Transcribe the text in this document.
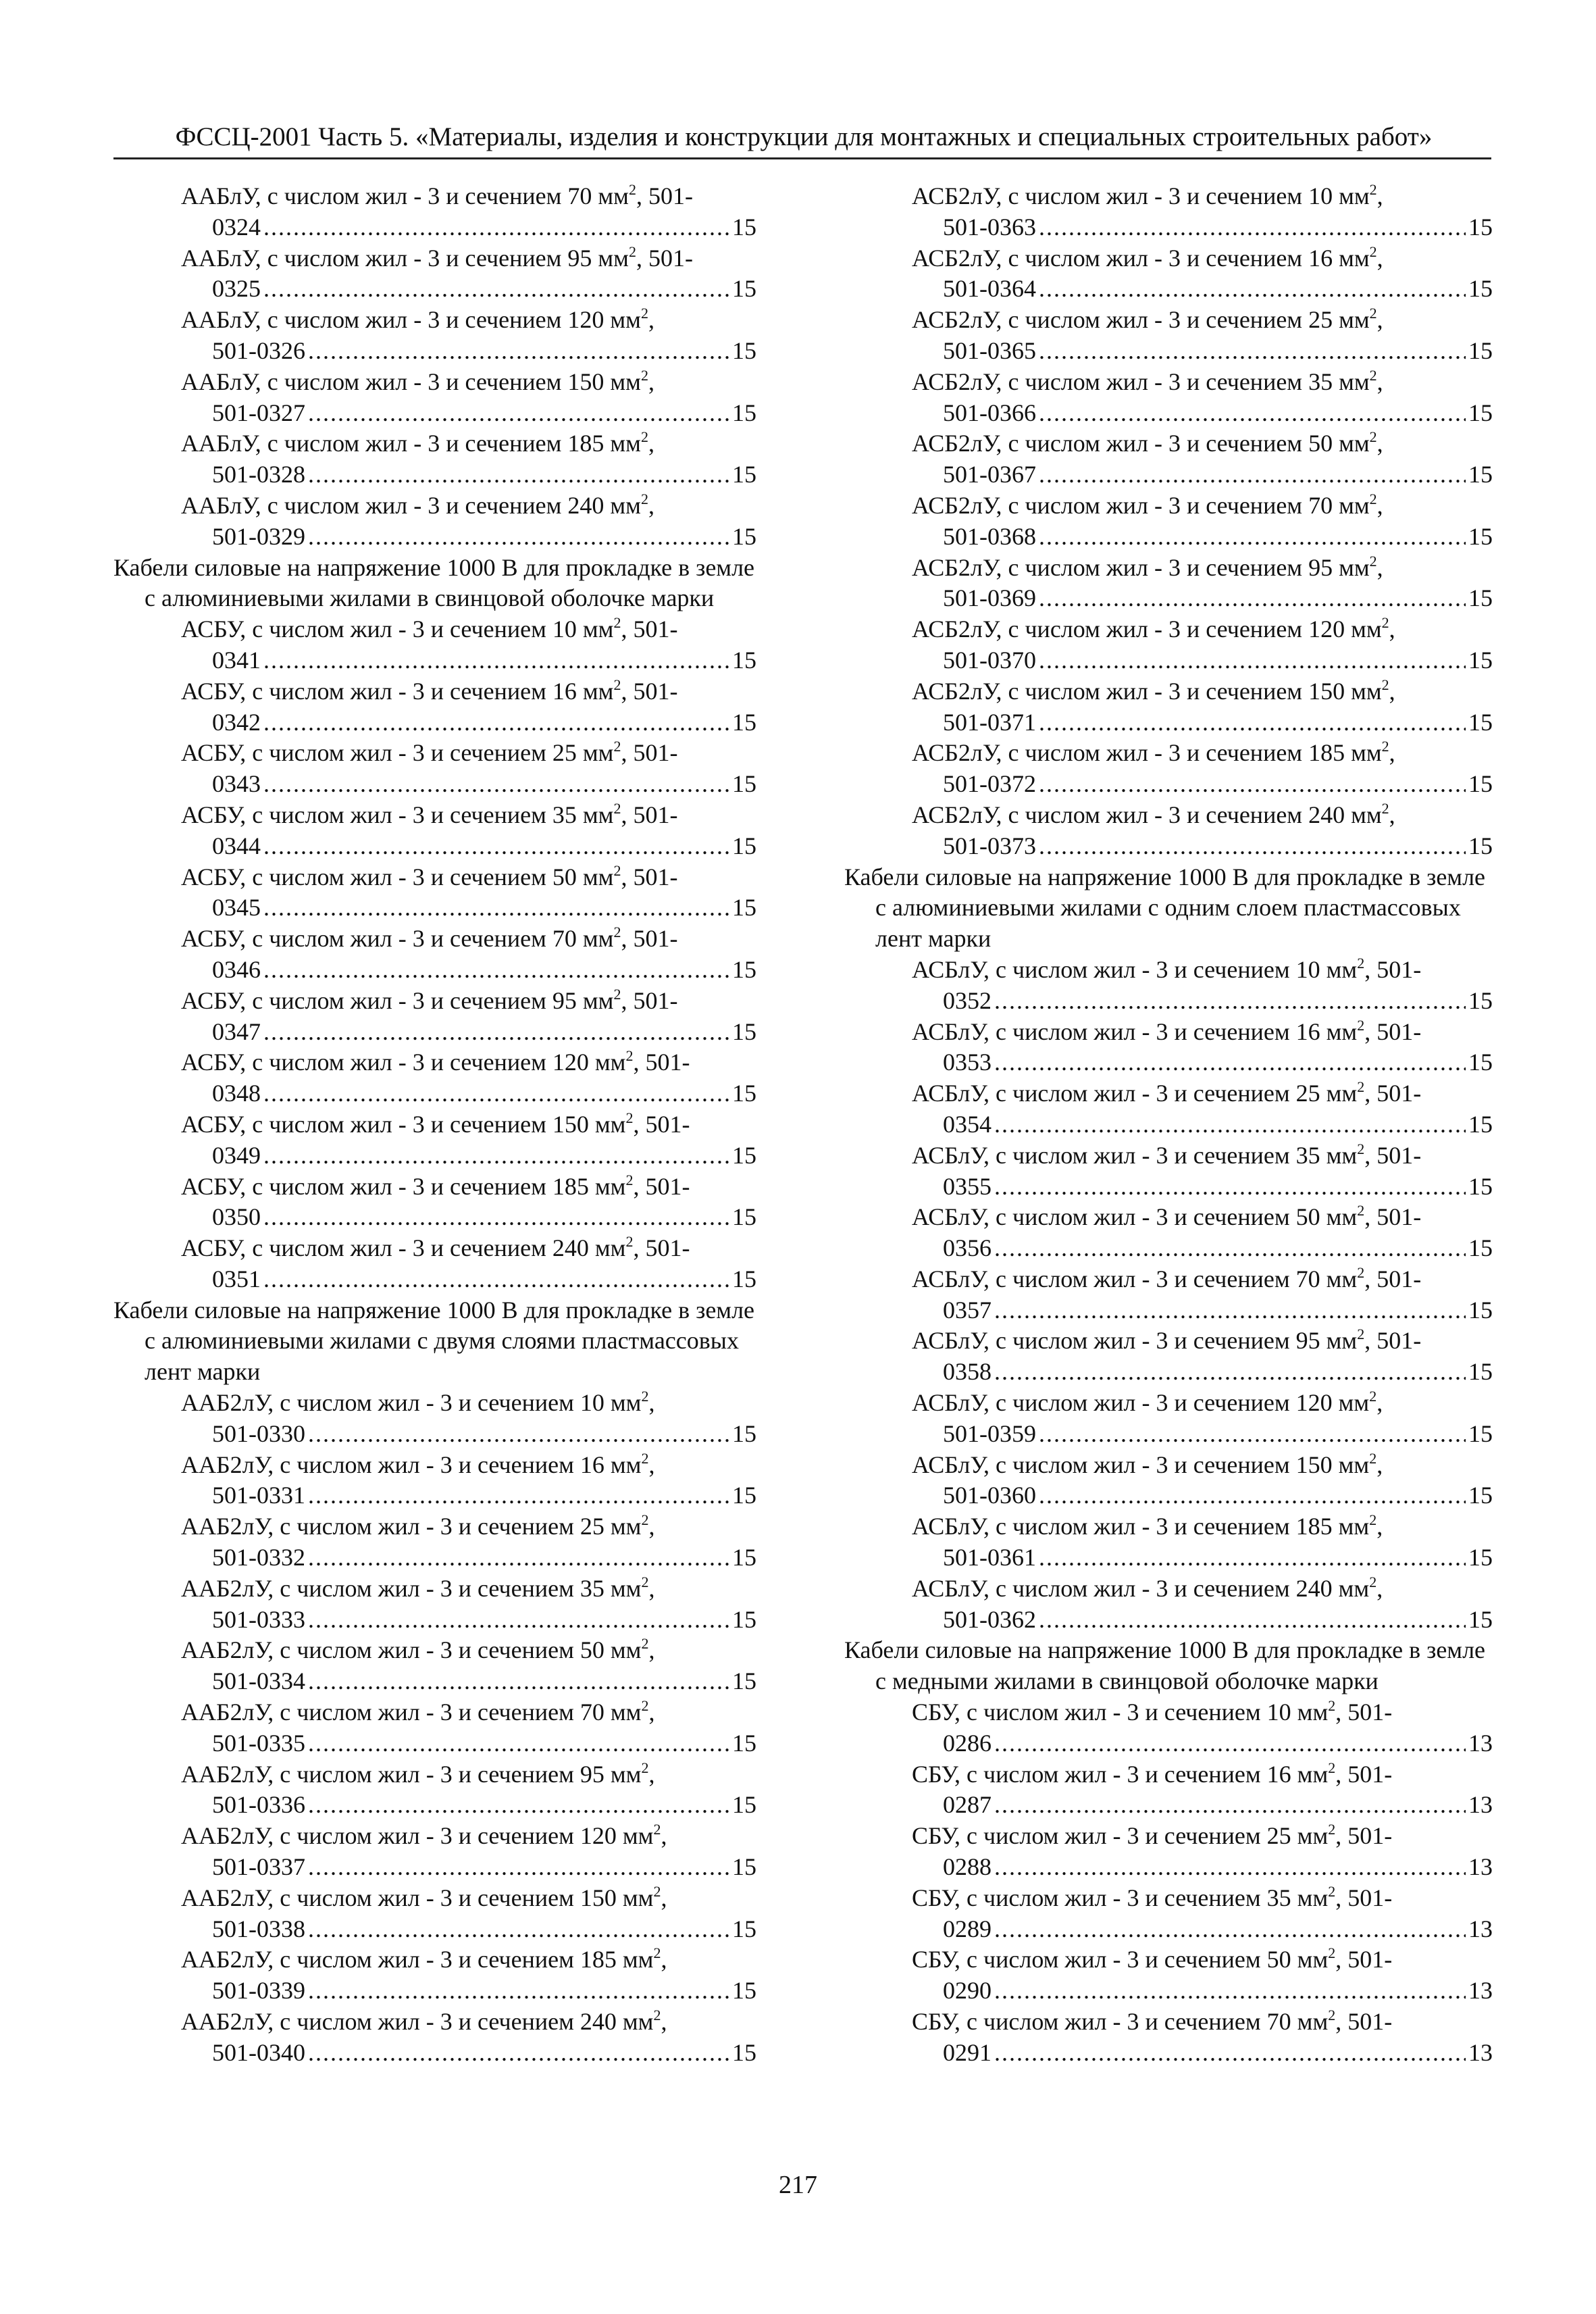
ФССЦ-2001 Часть 5. «Материалы, изделия и конструкции для монтажных и специальных строительных работ»
ААБлУ, с числом жил - 3 и сечением 70 $мм^2$, 501-
0324 .....	15
ААБлУ, с числом жил - 3 и сечением 95 $мм^2$, 501-
0325 .....	15
ААБлУ, с числом жил - 3 и сечением 120 $мм^2$,
501-0326 .....	15
ААБлУ, с числом жил - 3 и сечением 150 $мм^2$,
501-0327 .....	15
ААБлУ, с числом жил - 3 и сечением 185 $мм^2$,
501-0328 .....	15
ААБлУ, с числом жил - 3 и сечением 240 $мм^2$,
501-0329 .....	15
Кабели силовые на напряжение 1000 В для прокладке в земле с алюминиевыми жилами в свинцовой оболочке марки
АСБУ, с числом жил - 3 и сечением 10 $мм^2$, 501-
0341 .....	15
АСБУ, с числом жил - 3 и сечением 16 $мм^2$, 501-
0342 .....	15
АСБУ, с числом жил - 3 и сечением 25 $мм^2$, 501-
0343 .....	15
АСБУ, с числом жил - 3 и сечением 35 $мм^2$, 501-
0344 .....	15
АСБУ, с числом жил - 3 и сечением 50 $мм^2$, 501-
0345 .....	15
АСБУ, с числом жил - 3 и сечением 70 $мм^2$, 501-
0346 .....	15
АСБУ, с числом жил - 3 и сечением 95 $мм^2$, 501-
0347 .....	15
АСБУ, с числом жил - 3 и сечением 120 $мм^2$, 501-
0348 .....	15
АСБУ, с числом жил - 3 и сечением 150 $мм^2$, 501-
0349 .....	15
АСБУ, с числом жил - 3 и сечением 185 $мм^2$, 501-
0350 .....	15
АСБУ, с числом жил - 3 и сечением 240 $мм^2$, 501-
0351 .....	15
Кабели силовые на напряжение 1000 В для прокладке в земле с алюминиевыми жилами с двумя слоями пластмассовых лент марки
ААБ2лУ, с числом жил - 3 и сечением 10 $мм^2$,
501-0330 .....	15
ААБ2лУ, с числом жил - 3 и сечением 16 $мм^2$,
501-0331 .....	15
ААБ2лУ, с числом жил - 3 и сечением 25 $мм^2$,
501-0332 .....	15
ААБ2лУ, с числом жил - 3 и сечением 35 $мм^2$,
501-0333 .....	15
ААБ2лУ, с числом жил - 3 и сечением 50 $мм^2$,
501-0334 .....	15
ААБ2лУ, с числом жил - 3 и сечением 70 $мм^2$,
501-0335 .....	15
ААБ2лУ, с числом жил - 3 и сечением 95 $мм^2$,
501-0336 .....	15
ААБ2лУ, с числом жил - 3 и сечением 120 $мм^2$,
501-0337 .....	15
ААБ2лУ, с числом жил - 3 и сечением 150 $мм^2$,
501-0338 .....	15
ААБ2лУ, с числом жил - 3 и сечением 185 $мм^2$,
501-0339 .....	15
ААБ2лУ, с числом жил - 3 и сечением 240 $мм^2$,
501-0340 .....	15
АСБ2лУ, с числом жил - 3 и сечением 10 $мм^2$,
501-0363 .....	15
АСБ2лУ, с числом жил - 3 и сечением 16 $мм^2$,
501-0364 .....	15
АСБ2лУ, с числом жил - 3 и сечением 25 $мм^2$,
501-0365 .....	15
АСБ2лУ, с числом жил - 3 и сечением 35 $мм^2$,
501-0366 .....	15
АСБ2лУ, с числом жил - 3 и сечением 50 $мм^2$,
501-0367 .....	15
АСБ2лУ, с числом жил - 3 и сечением 70 $мм^2$,
501-0368 .....	15
АСБ2лУ, с числом жил - 3 и сечением 95 $мм^2$,
501-0369 .....	15
АСБ2лУ, с числом жил - 3 и сечением 120 $мм^2$,
501-0370 .....	15
АСБ2лУ, с числом жил - 3 и сечением 150 $мм^2$,
501-0371 .....	15
АСБ2лУ, с числом жил - 3 и сечением 185 $мм^2$,
501-0372 .....	15
АСБ2лУ, с числом жил - 3 и сечением 240 $мм^2$,
501-0373 .....	15
Кабели силовые на напряжение 1000 В для прокладке в земле с алюминиевыми жилами с одним слоем пластмассовых лент марки
АСБлУ, с числом жил - 3 и сечением 10 $мм^2$, 501-
0352 .....	15
АСБлУ, с числом жил - 3 и сечением 16 $мм^2$, 501-
0353 .....	15
АСБлУ, с числом жил - 3 и сечением 25 $мм^2$, 501-
0354 .....	15
АСБлУ, с числом жил - 3 и сечением 35 $мм^2$, 501-
0355 .....	15
АСБлУ, с числом жил - 3 и сечением 50 $мм^2$, 501-
0356 .....	15
АСБлУ, с числом жил - 3 и сечением 70 $мм^2$, 501-
0357 .....	15
АСБлУ, с числом жил - 3 и сечением 95 $мм^2$, 501-
0358 .....	15
АСБлУ, с числом жил - 3 и сечением 120 $мм^2$,
501-0359 .....	15
АСБлУ, с числом жил - 3 и сечением 150 $мм^2$,
501-0360 .....	15
АСБлУ, с числом жил - 3 и сечением 185 $мм^2$,
501-0361 .....	15
АСБлУ, с числом жил - 3 и сечением 240 $мм^2$,
501-0362 .....	15
Кабели силовые на напряжение 1000 В для прокладке в земле с медными жилами в свинцовой оболочке марки
СБУ, с числом жил - 3 и сечением 10 $мм^2$, 501-
0286 .....	13
СБУ, с числом жил - 3 и сечением 16 $мм^2$, 501-
0287 .....	13
СБУ, с числом жил - 3 и сечением 25 $мм^2$, 501-
0288 .....	13
СБУ, с числом жил - 3 и сечением 35 $мм^2$, 501-
0289 .....	13
СБУ, с числом жил - 3 и сечением 50 $мм^2$, 501-
0290 .....	13
СБУ, с числом жил - 3 и сечением 70 $мм^2$, 501-
0291 .....	13
217
